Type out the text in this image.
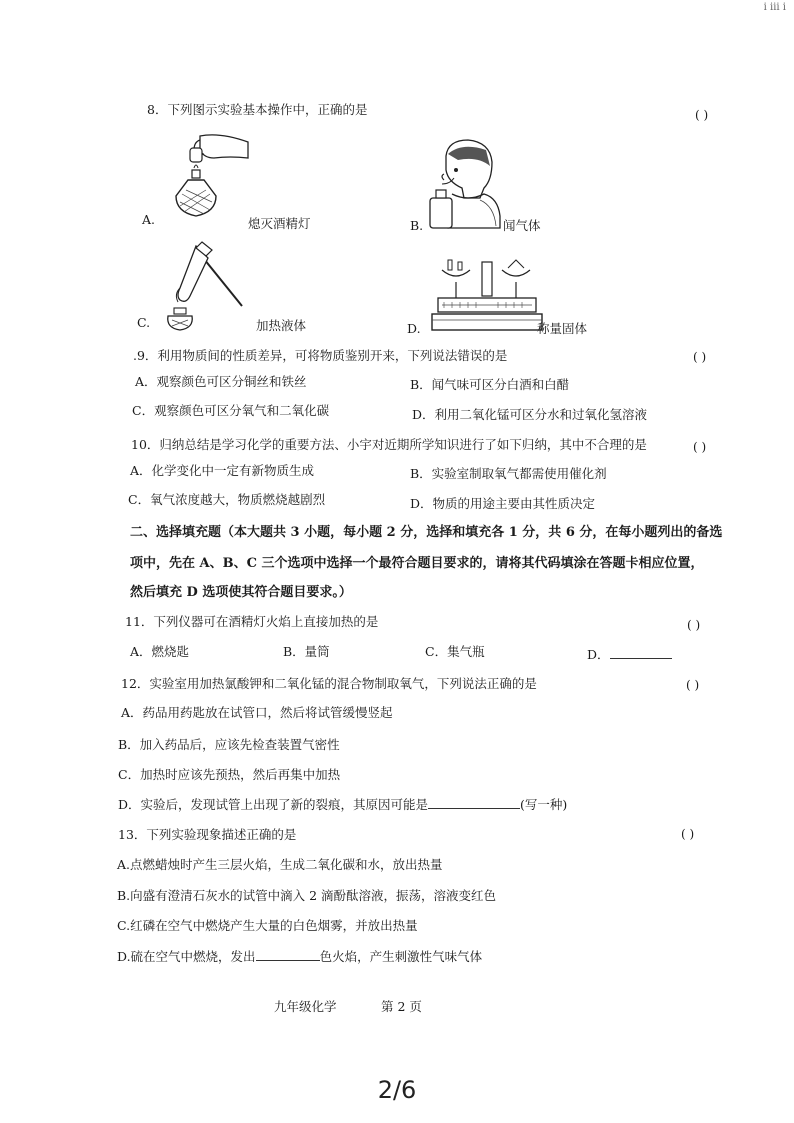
ⅰ ⅲ ⅰ
8．下列图示实验基本操作中，正确的是	( )
A.	熄灭酒精灯	B.	闻气体
C.	加热液体	D.	称量固体
.9．利用物质间的性质差异，可将物质鉴别开来，下列说法错误的是	( )
A．观察颜色可区分铜丝和铁丝	B．闻气味可区分白酒和白醋
C．观察颜色可区分氧气和二氧化碳	D．利用二氧化锰可区分水和过氧化氢溶液
10．归纳总结是学习化学的重要方法、小宇对近期所学知识进行了如下归纳，其中不合理的是	( )
A．化学变化中一定有新物质生成	B．实验室制取氧气都需使用催化剂
C．氧气浓度越大，物质燃烧越剧烈	D．物质的用途主要由其性质决定
二、选择填充题（本大题共 3 小题，每小题 2 分，选择和填充各 1 分，共 6 分，在每小题列出的备选
项中，先在 A、B、C 三个选项中选择一个最符合题目要求的，请将其代码填涂在答题卡相应位置，
然后填充 D 选项使其符合题目要求。）
11．下列仪器可在酒精灯火焰上直接加热的是	( )
A．燃烧匙	B．量筒	C．集气瓶	D．
12．实验室用加热氯酸钾和二氧化锰的混合物制取氧气，下列说法正确的是	( )
A．药品用药匙放在试管口，然后将试管缓慢竖起
B．加入药品后，应该先检查装置气密性
C．加热时应该先预热，然后再集中加热
D．实验后，发现试管上出现了新的裂痕，其原因可能是	(写一种)
13．下列实验现象描述正确的是	( )
A.点燃蜡烛时产生三层火焰，生成二氧化碳和水，放出热量
B.向盛有澄清石灰水的试管中滴入 2 滴酚酞溶液，振荡，溶液变红色
C.红磷在空气中燃烧产生大量的白色烟雾，并放出热量
D.硫在空气中燃烧，发出	色火焰，产生刺激性气味气体
九年级化学	第 2 页
2/6
